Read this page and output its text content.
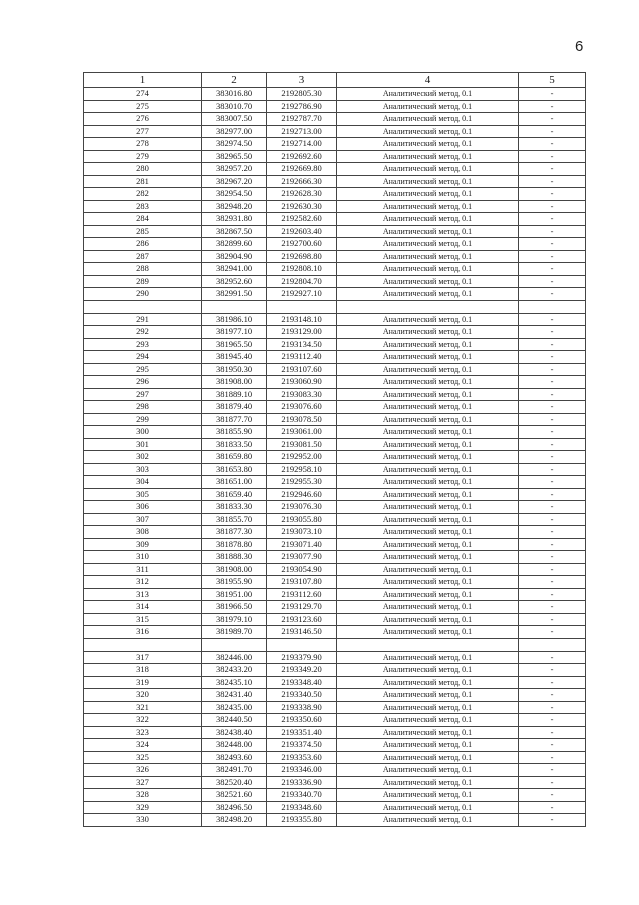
6
1	2	3	4	5
274	383016.80	2192805.30	Аналитический метод, 0.1	-
275	383010.70	2192786.90	Аналитический метод, 0.1	-
276	383007.50	2192787.70	Аналитический метод, 0.1	-
277	382977.00	2192713.00	Аналитический метод, 0.1	-
278	382974.50	2192714.00	Аналитический метод, 0.1	-
279	382965.50	2192692.60	Аналитический метод, 0.1	-
280	382957.20	2192669.80	Аналитический метод, 0.1	-
281	382967.20	2192666.30	Аналитический метод, 0.1	-
282	382954.50	2192628.30	Аналитический метод, 0.1	-
283	382948.20	2192630.30	Аналитический метод, 0.1	-
284	382931.80	2192582.60	Аналитический метод, 0.1	-
285	382867.50	2192603.40	Аналитический метод, 0.1	-
286	382899.60	2192700.60	Аналитический метод, 0.1	-
287	382904.90	2192698.80	Аналитический метод, 0.1	-
288	382941.00	2192808.10	Аналитический метод, 0.1	-
289	382952.60	2192804.70	Аналитический метод, 0.1	-
290	382991.50	2192927.10	Аналитический метод, 0.1	-

291	381986.10	2193148.10	Аналитический метод, 0.1	-
292	381977.10	2193129.00	Аналитический метод, 0.1	-
293	381965.50	2193134.50	Аналитический метод, 0.1	-
294	381945.40	2193112.40	Аналитический метод, 0.1	-
295	381950.30	2193107.60	Аналитический метод, 0.1	-
296	381908.00	2193060.90	Аналитический метод, 0.1	-
297	381889.10	2193083.30	Аналитический метод, 0.1	-
298	381879.40	2193076.60	Аналитический метод, 0.1	-
299	381877.70	2193078.50	Аналитический метод, 0.1	-
300	381855.90	2193061.00	Аналитический метод, 0.1	-
301	381833.50	2193081.50	Аналитический метод, 0.1	-
302	381659.80	2192952.00	Аналитический метод, 0.1	-
303	381653.80	2192958.10	Аналитический метод, 0.1	-
304	381651.00	2192955.30	Аналитический метод, 0.1	-
305	381659.40	2192946.60	Аналитический метод, 0.1	-
306	381833.30	2193076.30	Аналитический метод, 0.1	-
307	381855.70	2193055.80	Аналитический метод, 0.1	-
308	381877.30	2193073.10	Аналитический метод, 0.1	-
309	381878.80	2193071.40	Аналитический метод, 0.1	-
310	381888.30	2193077.90	Аналитический метод, 0.1	-
311	381908.00	2193054.90	Аналитический метод, 0.1	-
312	381955.90	2193107.80	Аналитический метод, 0.1	-
313	381951.00	2193112.60	Аналитический метод, 0.1	-
314	381966.50	2193129.70	Аналитический метод, 0.1	-
315	381979.10	2193123.60	Аналитический метод, 0.1	-
316	381989.70	2193146.50	Аналитический метод, 0.1	-

317	382446.00	2193379.90	Аналитический метод, 0.1	-
318	382433.20	2193349.20	Аналитический метод, 0.1	-
319	382435.10	2193348.40	Аналитический метод, 0.1	-
320	382431.40	2193340.50	Аналитический метод, 0.1	-
321	382435.00	2193338.90	Аналитический метод, 0.1	-
322	382440.50	2193350.60	Аналитический метод, 0.1	-
323	382438.40	2193351.40	Аналитический метод, 0.1	-
324	382448.00	2193374.50	Аналитический метод, 0.1	-
325	382493.60	2193353.60	Аналитический метод, 0.1	-
326	382491.70	2193346.00	Аналитический метод, 0.1	-
327	382520.40	2193336.90	Аналитический метод, 0.1	-
328	382521.60	2193340.70	Аналитический метод, 0.1	-
329	382496.50	2193348.60	Аналитический метод, 0.1	-
330	382498.20	2193355.80	Аналитический метод, 0.1	-
